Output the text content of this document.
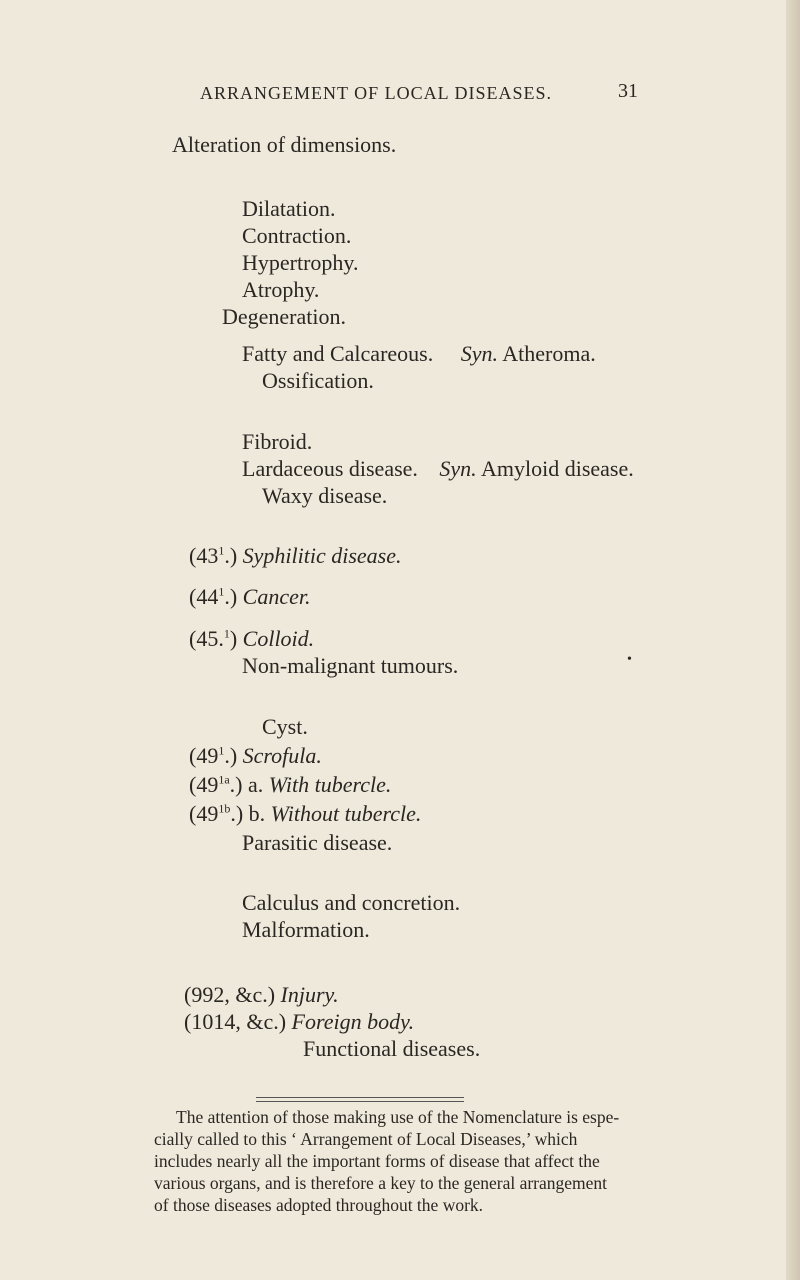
ARRANGEMENT OF LOCAL DISEASES.	31
Alteration of dimensions.
Dilatation.
Contraction.
Hypertrophy.
Atrophy.
Degeneration.
Fatty and Calcareous. Syn. Atheroma.
Ossification.
Fibroid.
Lardaceous disease. Syn. Amyloid disease.
Waxy disease.
$(43^1.)$ Syphilitic disease.
$(44^1.)$ Cancer.
(45.$^1$) Colloid.
Non-malignant tumours.	•
Cyst.
$(49^1.)$ Scrofula.
$(49^{1a}.)$ a. With tubercle.
$(49^{1b}.)$ b. Without tubercle.
Parasitic disease.
Calculus and concretion.
Malformation.
(992, &c.) Injury.
(1014, &c.) Foreign body.
Functional diseases.
The attention of those making use of the Nomenclature is espe-
cially called to this ‘ Arrangement of Local Diseases,’ which
includes nearly all the important forms of disease that affect the
various organs, and is therefore a key to the general arrangement
of those diseases adopted throughout the work.
